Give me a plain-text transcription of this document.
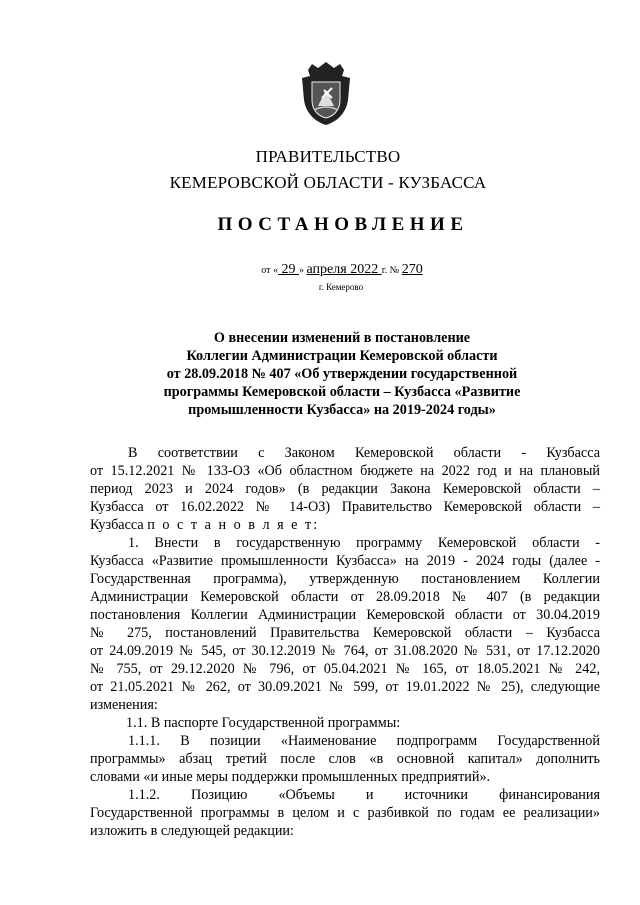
ПРАВИТЕЛЬСТВО
КЕМЕРОВСКОЙ ОБЛАСТИ - КУЗБАССА
ПОСТАНОВЛЕНИЕ
от « 29 » апреля 2022 г. № 270
г. Кемерово
О внесении изменений в постановление
Коллегии Администрации Кемеровской области
от 28.09.2018 № 407 «Об утверждении государственной
программы Кемеровской области – Кузбасса «Развитие
промышленности Кузбасса» на 2019-2024 годы»
В соответствии с Законом Кемеровской области - Кузбасса
от 15.12.2021 № 133-ОЗ «Об областном бюджете на 2022 год и на плановый
период 2023 и 2024 годов» (в редакции Закона Кемеровской области –
Кузбасса от 16.02.2022 № 14-ОЗ) Правительство Кемеровской области –
Кузбасса п о с т а н о в л я е т:
1. Внести в государственную программу Кемеровской области -
Кузбасса «Развитие промышленности Кузбасса» на 2019 - 2024 годы (далее -
Государственная программа), утвержденную постановлением Коллегии
Администрации Кемеровской области от 28.09.2018 № 407 (в редакции
постановления Коллегии Администрации Кемеровской области от 30.04.2019
№ 275, постановлений Правительства Кемеровской области – Кузбасса
от 24.09.2019 № 545, от 30.12.2019 № 764, от 31.08.2020 № 531, от 17.12.2020
№ 755, от 29.12.2020 № 796, от 05.04.2021 № 165, от 18.05.2021 № 242,
от 21.05.2021 № 262, от 30.09.2021 № 599, от 19.01.2022 № 25), следующие
изменения:
1.1. В паспорте Государственной программы:
1.1.1. В позиции «Наименование подпрограмм Государственной
программы» абзац третий после слов «в основной капитал» дополнить
словами «и иные меры поддержки промышленных предприятий».
1.1.2. Позицию «Объемы и источники финансирования
Государственной программы в целом и с разбивкой по годам ее реализации»
изложить в следующей редакции:
